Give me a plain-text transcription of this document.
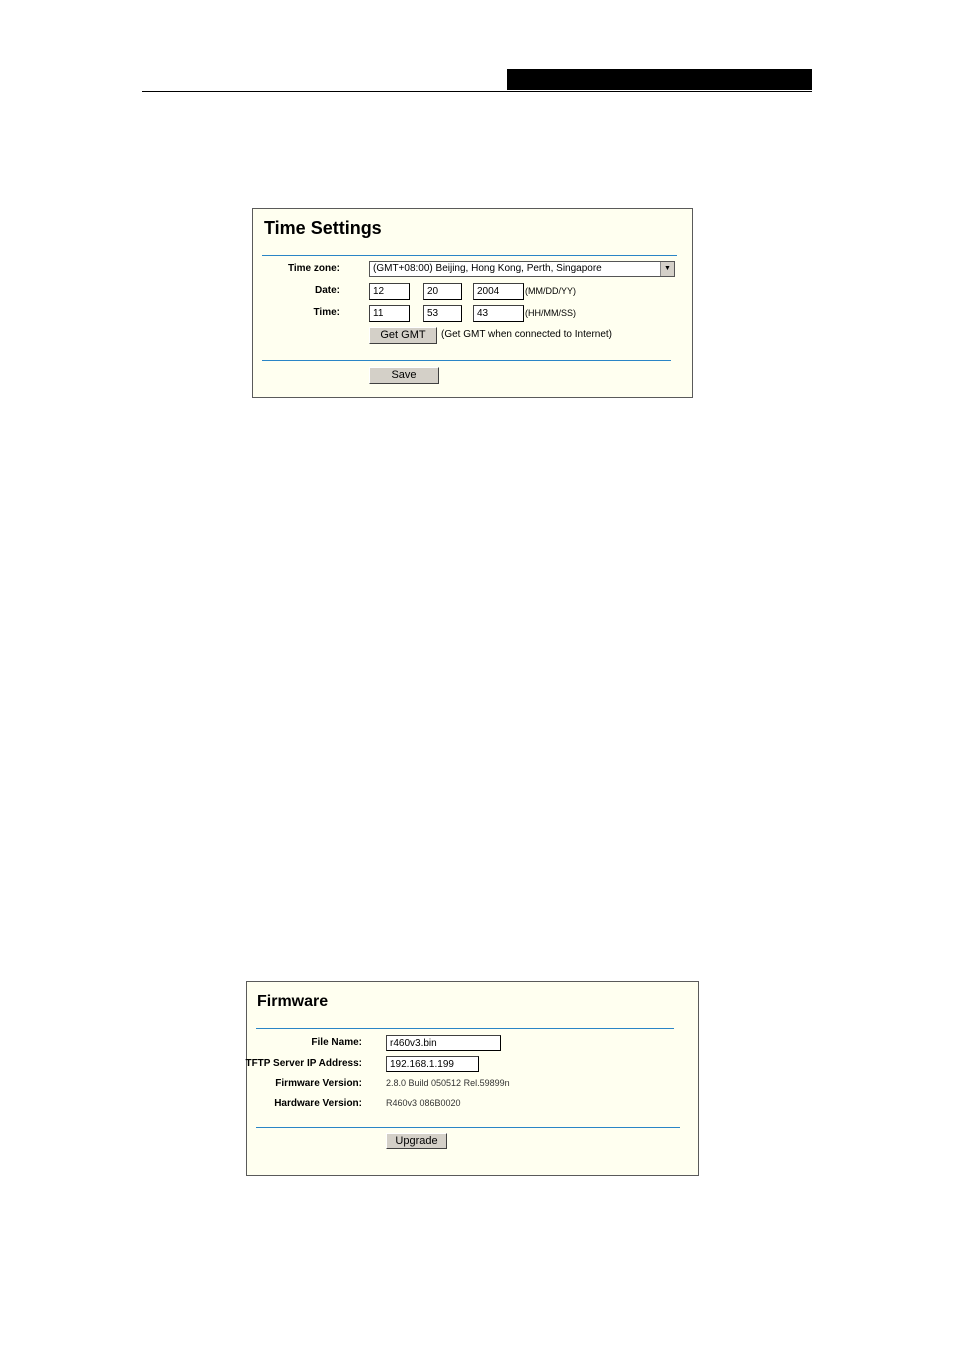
Time Settings
Time zone:	(GMT+08:00) Beijing, Hong Kong, Perth, Singapore	▼
Date:
12
20
2004	(MM/DD/YY)
Time:
11
53
43	(HH/MM/SS)
Get GMT	(Get GMT when connected to Internet)
Save
Firmware
File Name:
r460v3.bin
TFTP Server IP Address:
192.168.1.199
Firmware Version:	2.8.0 Build 050512 Rel.59899n
Hardware Version:	R460v3 086B0020
Upgrade
